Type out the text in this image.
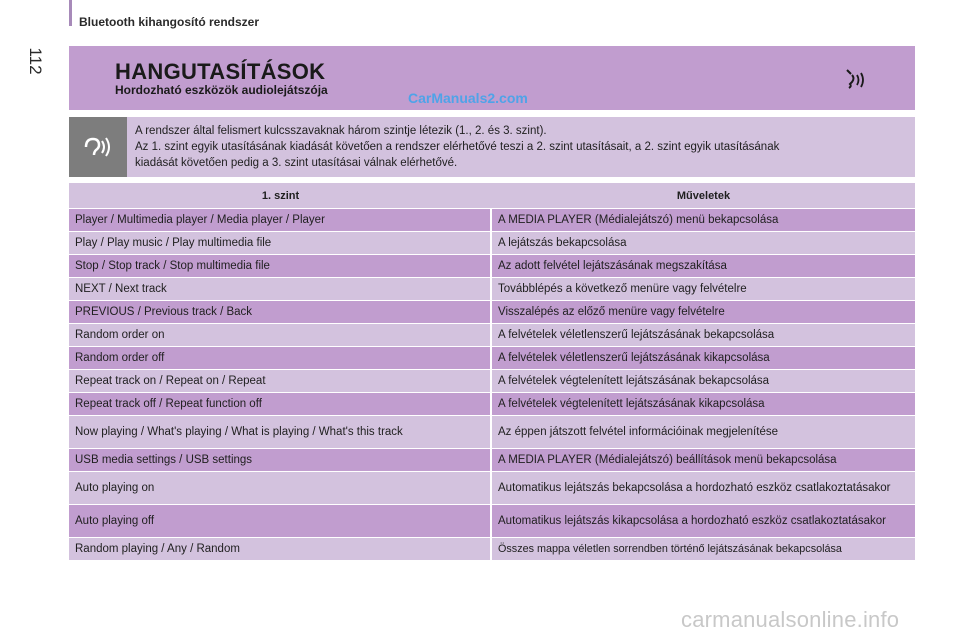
Bluetooth kihangosító rendszer
112	HANGUTASÍTÁSOK
Hordozható eszközök audiolejátszója	CarManuals2.com
A rendszer által felismert kulcsszavaknak három szintje létezik (1., 2. és 3. szint).
Az 1. szint egyik utasításának kiadását követően a rendszer elérhetővé teszi a 2. szint utasításait, a 2. szint egyik utasításának
kiadását követően pedig a 3. szint utasításai válnak elérhetővé.
1. szint	Műveletek
Player / Multimedia player / Media player / Player	A MEDIA PLAYER (Médialejátszó) menü bekapcsolása
Play / Play music / Play multimedia file	A lejátszás bekapcsolása
Stop / Stop track / Stop multimedia file	Az adott felvétel lejátszásának megszakítása
NEXT / Next track	Továbblépés a következő menüre vagy felvételre
PREVIOUS / Previous track / Back	Visszalépés az előző menüre vagy felvételre
Random order on	A felvételek véletlenszerű lejátszásának bekapcsolása
Random order off	A felvételek véletlenszerű lejátszásának kikapcsolása
Repeat track on / Repeat on / Repeat	A felvételek végtelenített lejátszásának bekapcsolása
Repeat track off / Repeat function off	A felvételek végtelenített lejátszásának kikapcsolása
Now playing / What's playing / What is playing / What's this track	Az éppen játszott felvétel információinak megjelenítése
USB media settings / USB settings	A MEDIA PLAYER (Médialejátszó) beállítások menü bekapcsolása
Auto playing on	Automatikus lejátszás bekapcsolása a hordozható eszköz csatlakoztatásakor
Auto playing off	Automatikus lejátszás kikapcsolása a hordozható eszköz csatlakoztatásakor
Random playing / Any / Random	Összes mappa véletlen sorrendben történő lejátszásának bekapcsolása
carmanualsonline.info
